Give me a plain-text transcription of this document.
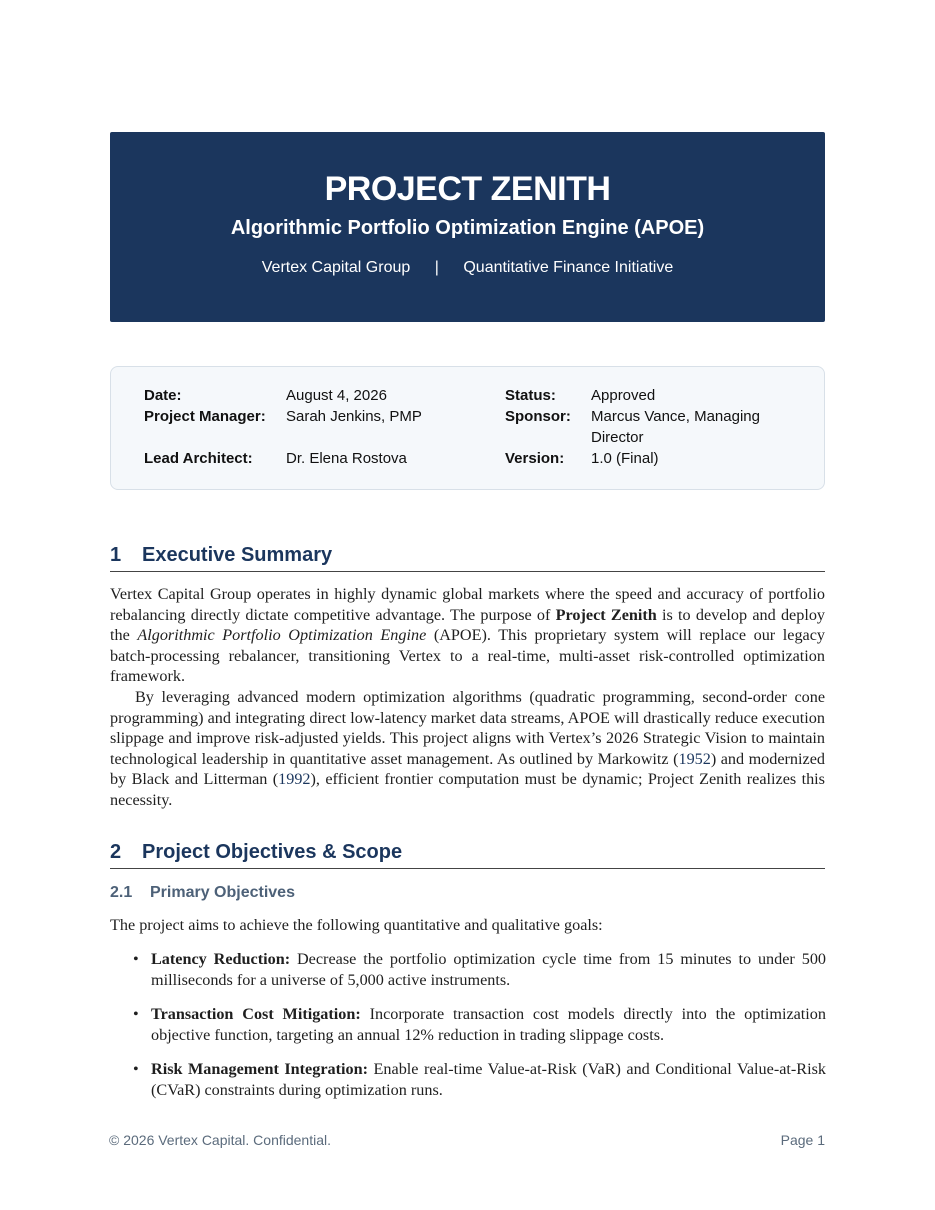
PROJECT ZENITH
Algorithmic Portfolio Optimization Engine (APOE)
Vertex Capital Group | Quantitative Finance Initiative
Date:	August 4, 2026
Project Manager: Sarah Jenkins, PMP
Lead Architect: Dr. Elena Rostova
Status: Approved
Sponsor: Marcus Vance, Managing
Director
Version: 1.0 (Final)
1 Executive Summary

Vertex Capital Group operates in highly dynamic global markets where the speed and accuracy of portfolio rebalancing directly dictate competitive advantage. The purpose of Project Zenith is to develop and deploy the Algorithmic Portfolio Optimization Engine (APOE). This proprietary system will replace our legacy batch-processing rebalancer, transitioning Vertex to a real-time, multi-asset risk-controlled optimization framework.

By leveraging advanced modern optimization algorithms (quadratic programming, second-order cone programming) and integrating direct low-latency market data streams, APOE will drastically reduce execution slippage and improve risk-adjusted yields. This project aligns with Vertex’s 2026 Strategic Vision to maintain technological leadership in quantitative asset management. As outlined by Markowitz (1952) and modernized by Black and Litterman (1992), efficient frontier computation must be dynamic; Project Zenith realizes this necessity.

2 Project Objectives & Scope
2.1 Primary Objectives

The project aims to achieve the following quantitative and qualitative goals:

• Latency Reduction: Decrease the portfolio optimization cycle time from 15 minutes to under 500 milliseconds for a universe of 5,000 active instruments.
• Transaction Cost Mitigation: Incorporate transaction cost models directly into the optimization objective function, targeting an annual 12% reduction in trading slippage costs.
• Risk Management Integration: Enable real-time Value-at-Risk (VaR) and Conditional Value-at-Risk (CVaR) constraints during optimization runs.
© 2026 Vertex Capital. Confidential.	Page 1
